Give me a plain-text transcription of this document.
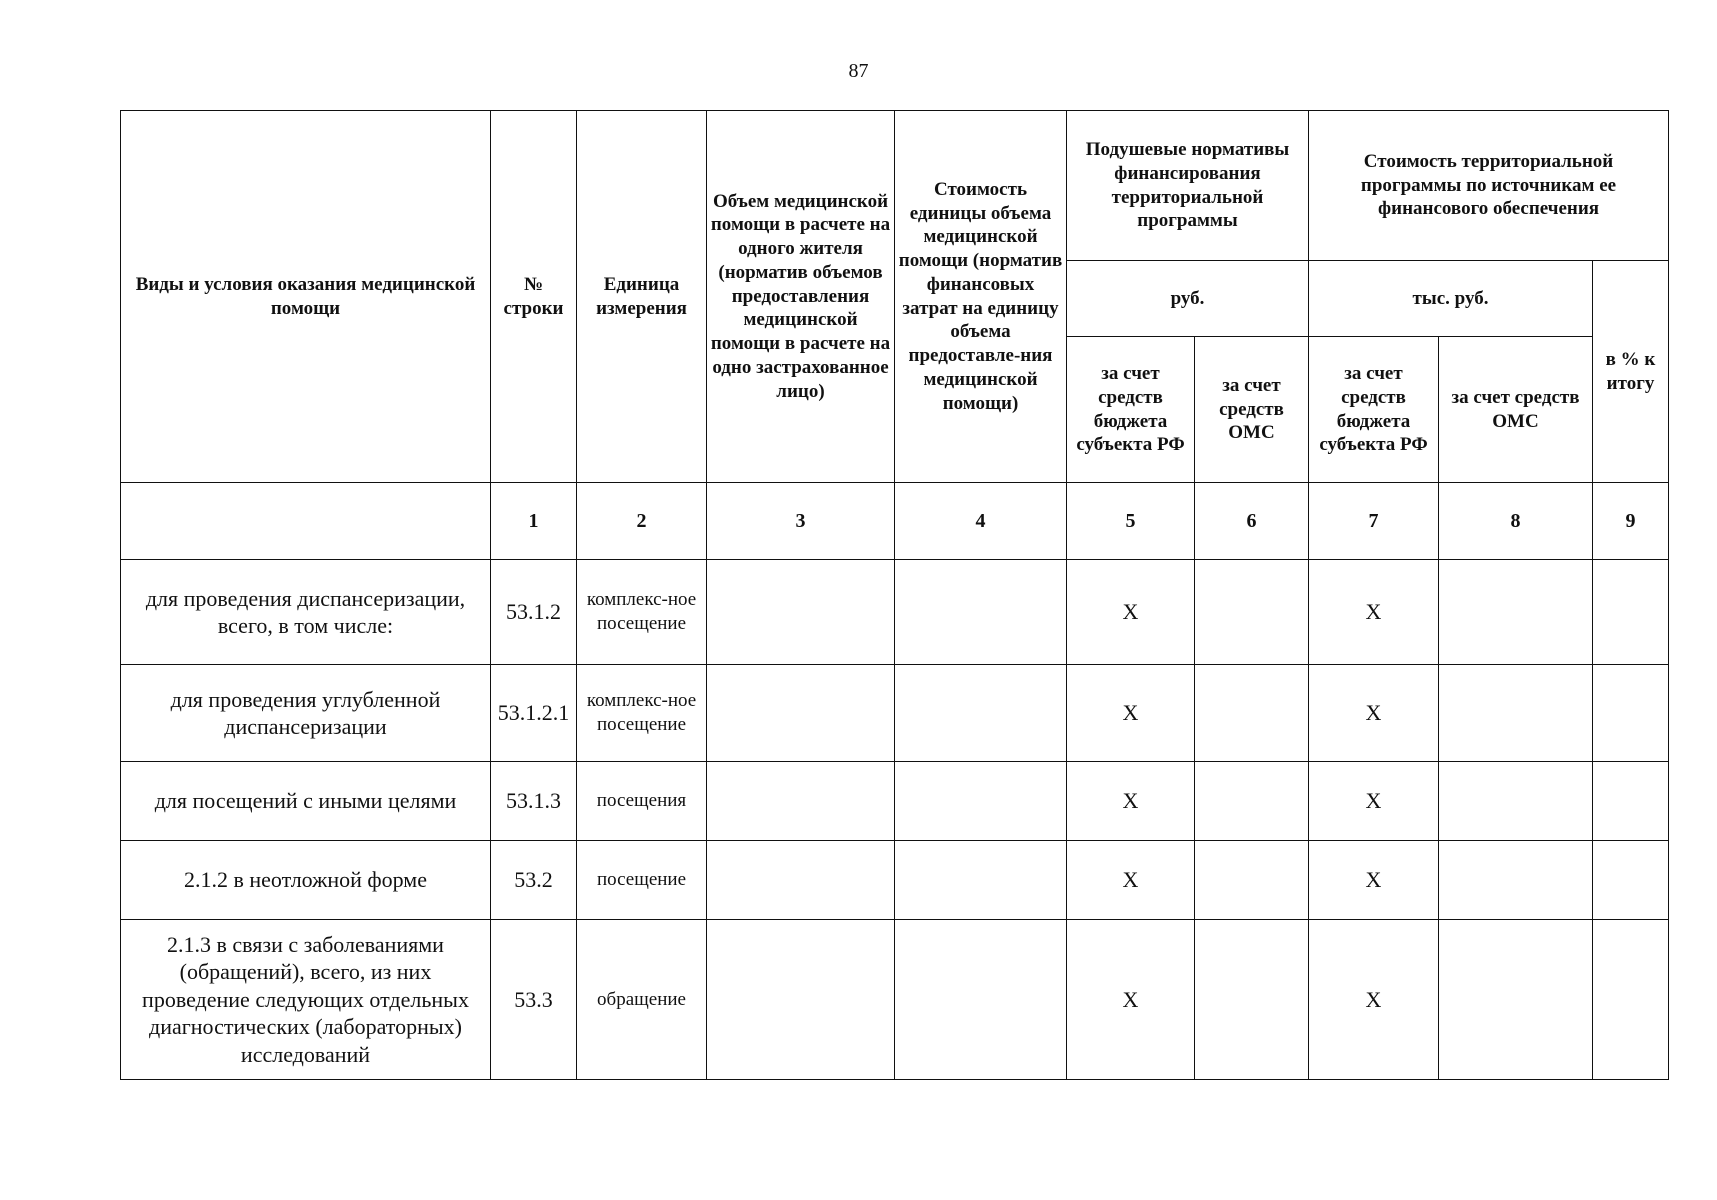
87
Виды и условия оказания медицинской помощи	№ строки	Единица измерения	Объем медицинской помощи в расчете на одного жителя (норматив объемов предоставления медицинской помощи в расчете на одно застрахованное лицо)	Стоимость единицы объема медицинской помощи (норматив финансовых затрат на единицу объема предоставле-ния медицинской помощи)	Подушевые нормативы финансирования территориальной программы		Стоимость территориальной программы по источникам ее финансового обеспечения		
					руб.		тыс. руб.		в % к итогу
					за счет средств бюджета субъекта РФ	за счет средств ОМС	за счет средств бюджета субъекта РФ	за счет средств ОМС	
	1	2	3	4	5	6	7	8	9
для проведения диспансеризации, всего, в том числе:	53.1.2	комплекс-ное посещение			X		X		
для проведения углубленной диспансеризации	53.1.2.1	комплекс-ное посещение			X		X		
для посещений с иными целями	53.1.3	посещения			X		X		
2.1.2 в неотложной форме	53.2	посещение			X		X		
2.1.3 в связи с заболеваниями (обращений), всего, из них проведение следующих отдельных диагностических (лабораторных) исследований	53.3	обращение			X		X		
